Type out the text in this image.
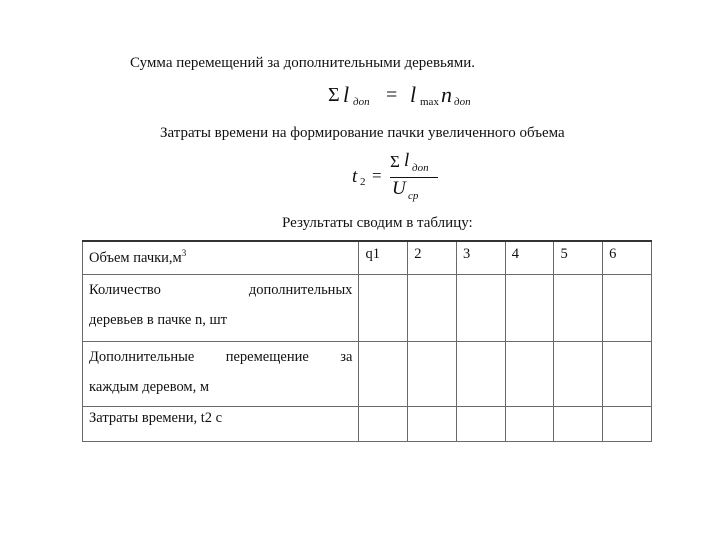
Сумма перемещений за дополнительными деревьями.
Σ l доп = l max n доп
Затраты времени на формирование пачки увеличенного объема
t 2 =
Σ l доп
U ср
Результаты сводим в таблицу:
Объем $пачки,м^3$	q1	2	3	4	5	6

Количество дополнительных
деревьев в пачке n, шт						

Дополнительные перемещение за
каждым деревом, м						

Затраты времени, t2 с						
